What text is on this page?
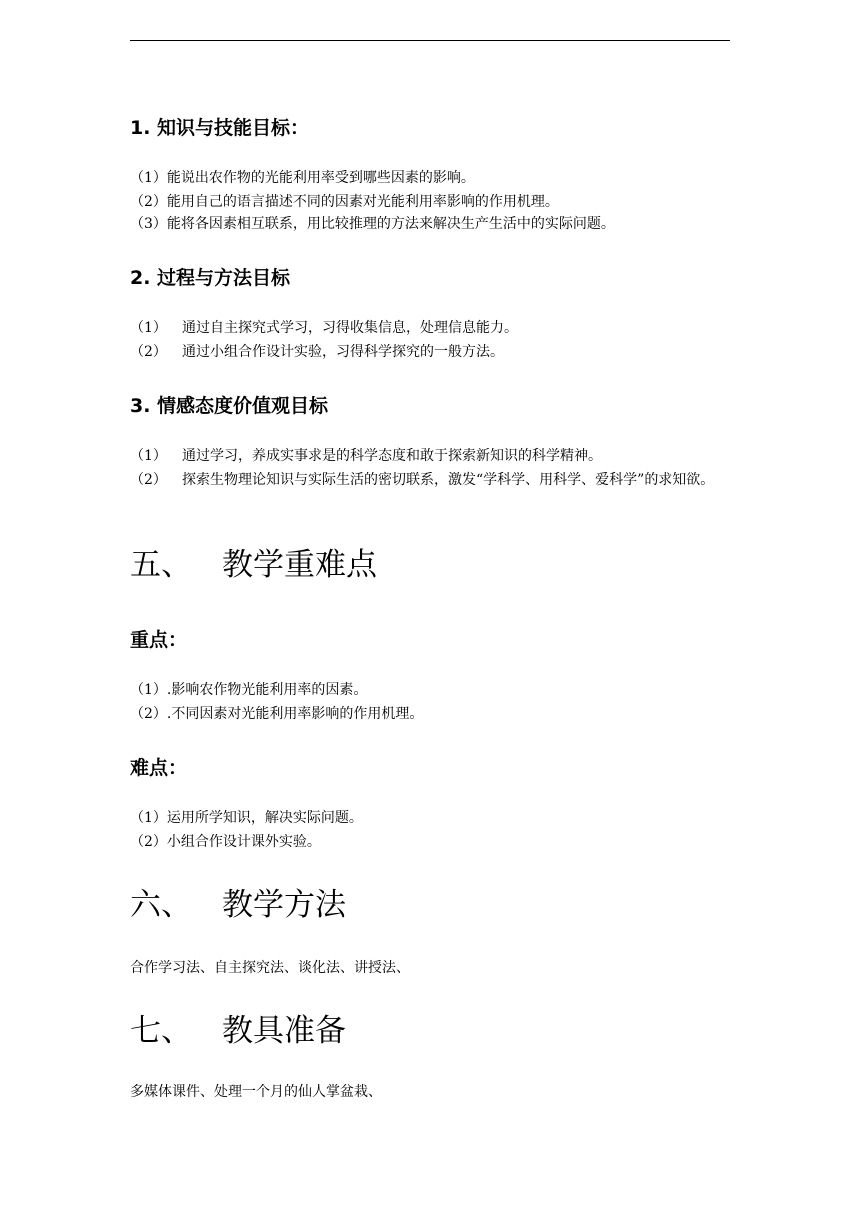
1. 知识与技能目标：
（1）能说出农作物的光能利用率受到哪些因素的影响。
（2）能用自己的语言描述不同的因素对光能利用率影响的作用机理。
（3）能将各因素相互联系，用比较推理的方法来解决生产生活中的实际问题。
2. 过程与方法目标
（1） 通过自主探究式学习，习得收集信息，处理信息能力。
（2） 通过小组合作设计实验，习得科学探究的一般方法。
3. 情感态度价值观目标
（1） 通过学习，养成实事求是的科学态度和敢于探索新知识的科学精神。
（2） 探索生物理论知识与实际生活的密切联系，激发“学科学、用科学、爱科学”的求知欲。
五、 教学重难点
重点：
（1）.影响农作物光能利用率的因素。
（2）.不同因素对光能利用率影响的作用机理。
难点：
（1）运用所学知识，解决实际问题。
（2）小组合作设计课外实验。
六、 教学方法
合作学习法、自主探究法、谈化法、讲授法、
七、 教具准备
多媒体课件、处理一个月的仙人掌盆栽、
